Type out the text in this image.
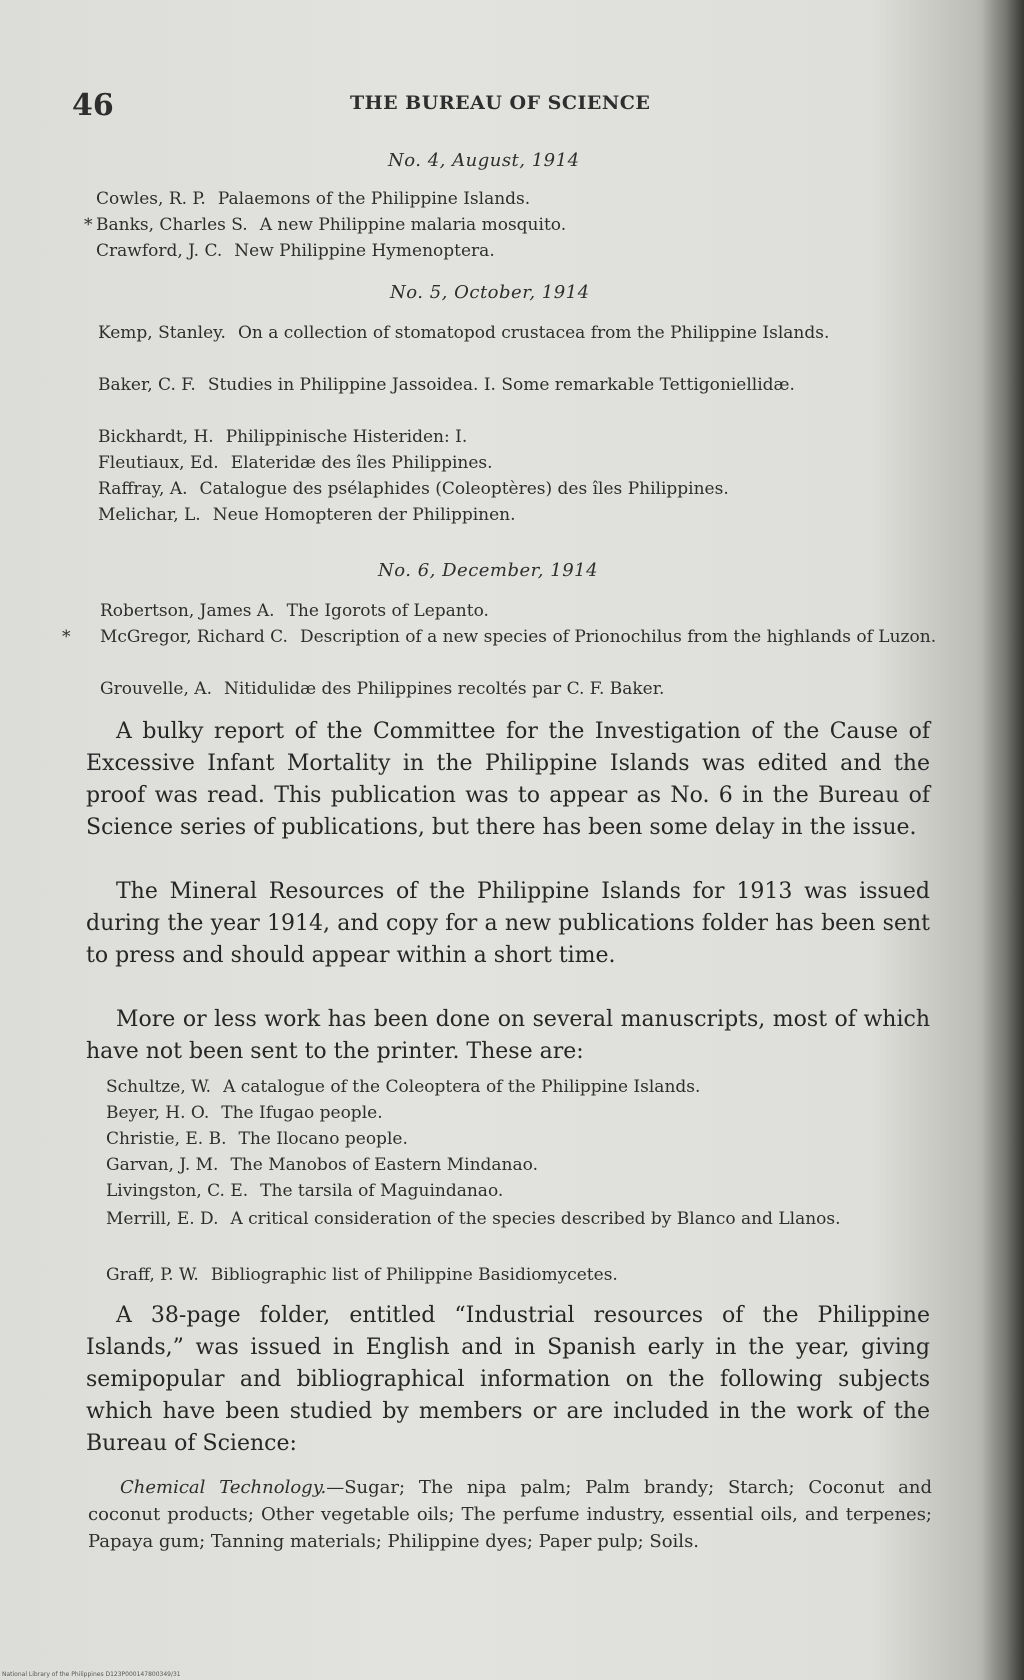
46	THE BUREAU OF SCIENCE
No. 4, August, 1914
Cowles, R. P. Palaemons of the Philippine Islands.
* Banks, Charles S. A new Philippine malaria mosquito.
Crawford, J. C. New Philippine Hymenoptera.
No. 5, October, 1914
Kemp, Stanley. On a collection of stomatopod crustacea from the Philippine Islands.
Baker, C. F. Studies in Philippine Jassoidea. I. Some remarkable Tettigoniellidæ.
Bickhardt, H. Philippinische Histeriden: I.
Fleutiaux, Ed. Elateridæ des îles Philippines.
Raffray, A. Catalogue des psélaphides (Coleoptères) des îles Philippines.
Melichar, L. Neue Homopteren der Philippinen.
No. 6, December, 1914
Robertson, James A. The Igorots of Lepanto.
*	McGregor, Richard C. Description of a new species of Prionochilus from the highlands of Luzon.
Grouvelle, A. Nitidulidæ des Philippines recoltés par C. F. Baker.
A bulky report of the Committee for the Investigation of the Cause of Excessive Infant Mortality in the Philippine Islands was edited and the proof was read. This publication was to appear as No. 6 in the Bureau of Science series of publications, but there has been some delay in the issue.
The Mineral Resources of the Philippine Islands for 1913 was issued during the year 1914, and copy for a new publications folder has been sent to press and should appear within a short time.
More or less work has been done on several manuscripts, most of which have not been sent to the printer. These are:
Schultze, W. A catalogue of the Coleoptera of the Philippine Islands.
Beyer, H. O. The Ifugao people.
Christie, E. B. The Ilocano people.
Garvan, J. M. The Manobos of Eastern Mindanao.
Livingston, C. E. The tarsila of Maguindanao.
Merrill, E. D. A critical consideration of the species described by Blanco and Llanos.
Graff, P. W. Bibliographic list of Philippine Basidiomycetes.
A 38-page folder, entitled “Industrial resources of the Philippine Islands,” was issued in English and in Spanish early in the year, giving semipopular and bibliographical information on the following subjects which have been studied by members or are included in the work of the Bureau of Science:
Chemical Technology.—Sugar; The nipa palm; Palm brandy; Starch; Coconut and coconut products; Other vegetable oils; The perfume industry, essential oils, and terpenes; Papaya gum; Tanning materials; Philippine dyes; Paper pulp; Soils.
National Library of the Philippines D123P000147800349/31
